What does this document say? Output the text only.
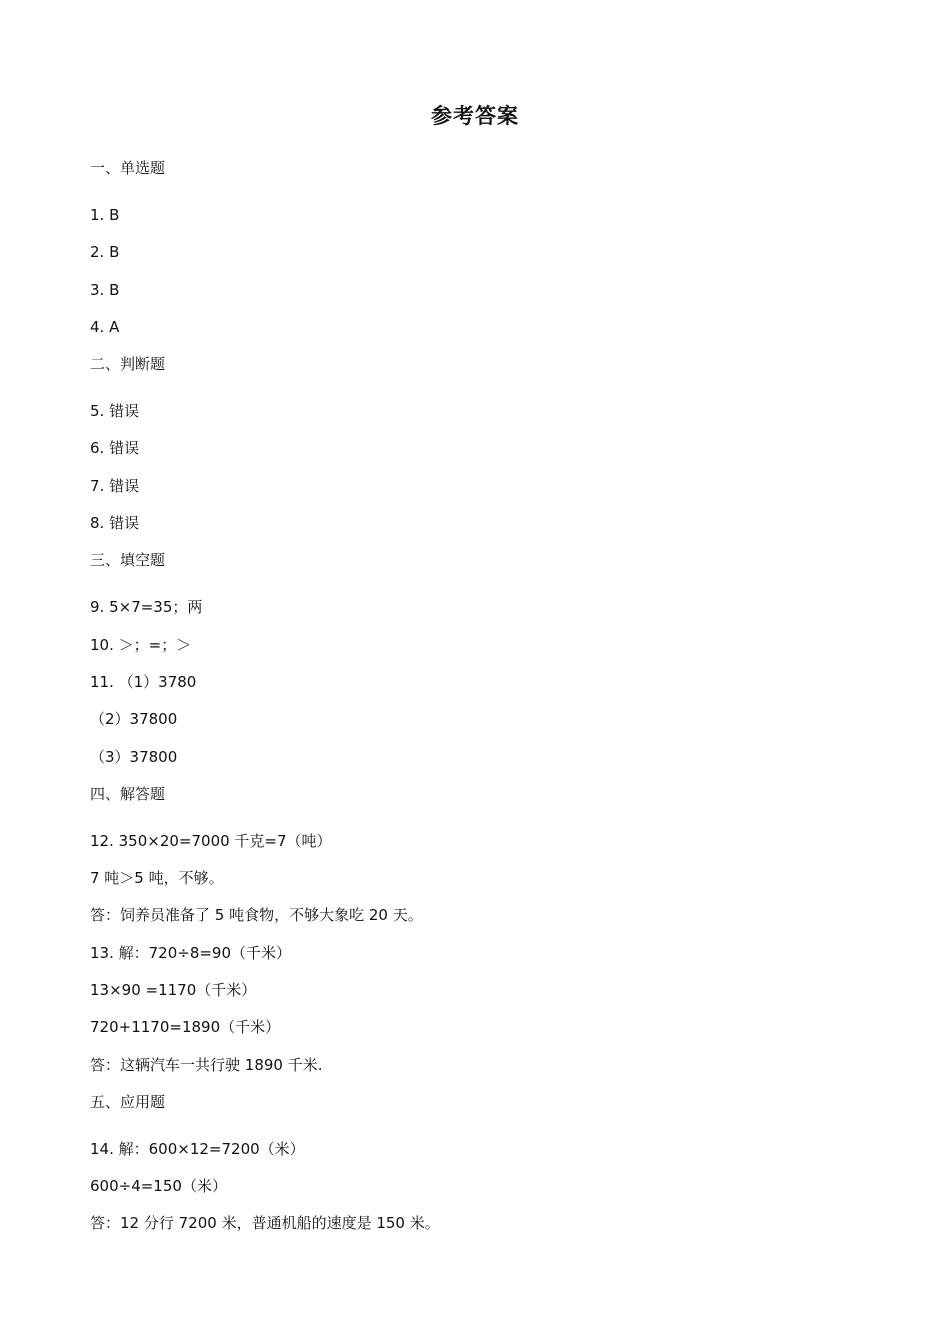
参考答案
一、单选题
1. B
2. B
3. B
4. A
二、判断题
5. 错误
6. 错误
7. 错误
8. 错误
三、填空题
9. 5×7=35；两
10. ＞；=；＞
11. （1）3780
（2）37800
（3）37800
四、解答题
12. 350×20=7000 千克=7（吨）
7 吨＞5 吨，不够。
答：饲养员准备了 5 吨食物，不够大象吃 20 天。
13. 解：720÷8=90（千米）
13×90 =1170（千米）
720+1170=1890（千米）
答：这辆汽车一共行驶 1890 千米.
五、应用题
14. 解：600×12=7200（米）
600÷4=150（米）
答：12 分行 7200 米，普通机船的速度是 150 米。
